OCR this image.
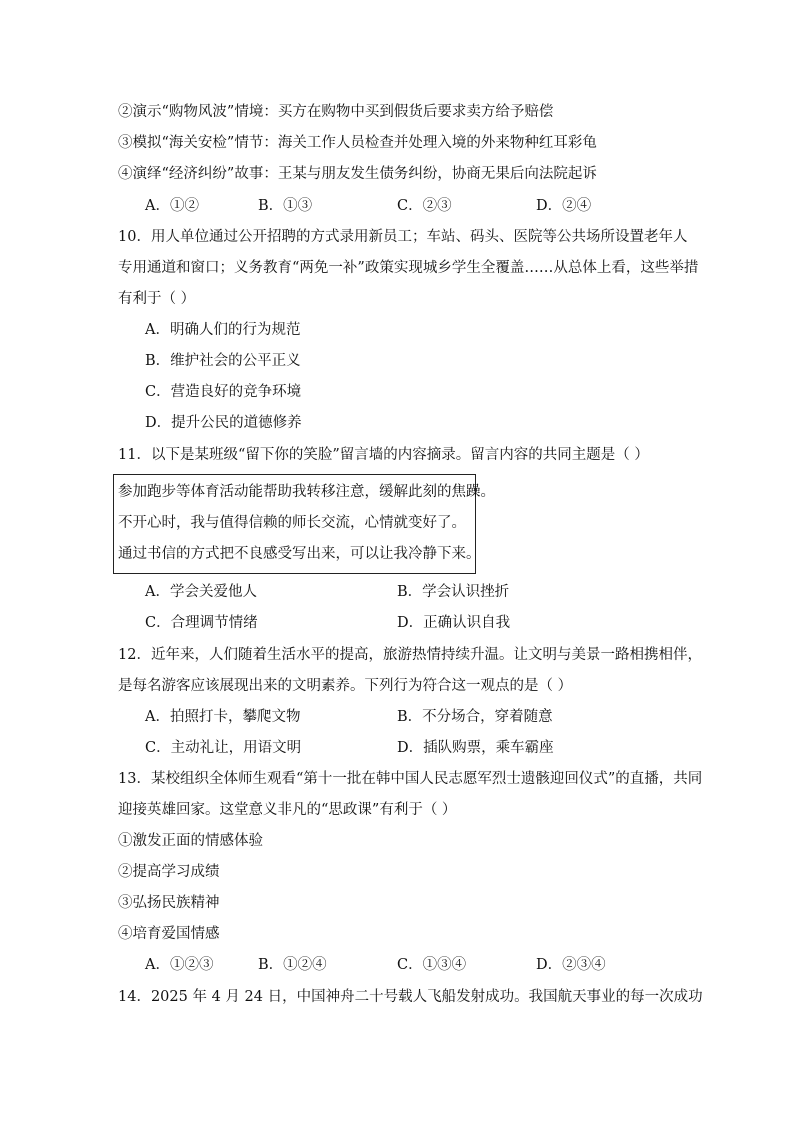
②演示“购物风波”情境：买方在购物中买到假货后要求卖方给予赔偿
③模拟“海关安检”情节：海关工作人员检查并处理入境的外来物种红耳彩龟
④演绎“经济纠纷”故事：王某与朋友发生债务纠纷，协商无果后向法院起诉
A．①②	B．①③	C．②③	D．②④
10．用人单位通过公开招聘的方式录用新员工；车站、码头、医院等公共场所设置老年人
专用通道和窗口；义务教育“两免一补”政策实现城乡学生全覆盖……从总体上看，这些举措
有利于（ ）
A．明确人们的行为规范
B．维护社会的公平正义
C．营造良好的竞争环境
D．提升公民的道德修养
11．以下是某班级“留下你的笑脸”留言墙的内容摘录。留言内容的共同主题是（ ）
参加跑步等体育活动能帮助我转移注意，缓解此刻的焦躁。
不开心时，我与值得信赖的师长交流，心情就变好了。
通过书信的方式把不良感受写出来，可以让我冷静下来。
A．学会关爱他人	B．学会认识挫折
C．合理调节情绪	D．正确认识自我
12．近年来，人们随着生活水平的提高，旅游热情持续升温。让文明与美景一路相携相伴，
是每名游客应该展现出来的文明素养。下列行为符合这一观点的是（ ）
A．拍照打卡，攀爬文物	B．不分场合，穿着随意
C．主动礼让，用语文明	D．插队购票，乘车霸座
13．某校组织全体师生观看“第十一批在韩中国人民志愿军烈士遗骸迎回仪式”的直播，共同
迎接英雄回家。这堂意义非凡的“思政课”有利于（ ）
①激发正面的情感体验
②提高学习成绩
③弘扬民族精神
④培育爱国情感
A．①②③	B．①②④	C．①③④	D．②③④
14．2025 年 4 月 24 日，中国神舟二十号载人飞船发射成功。我国航天事业的每一次成功
